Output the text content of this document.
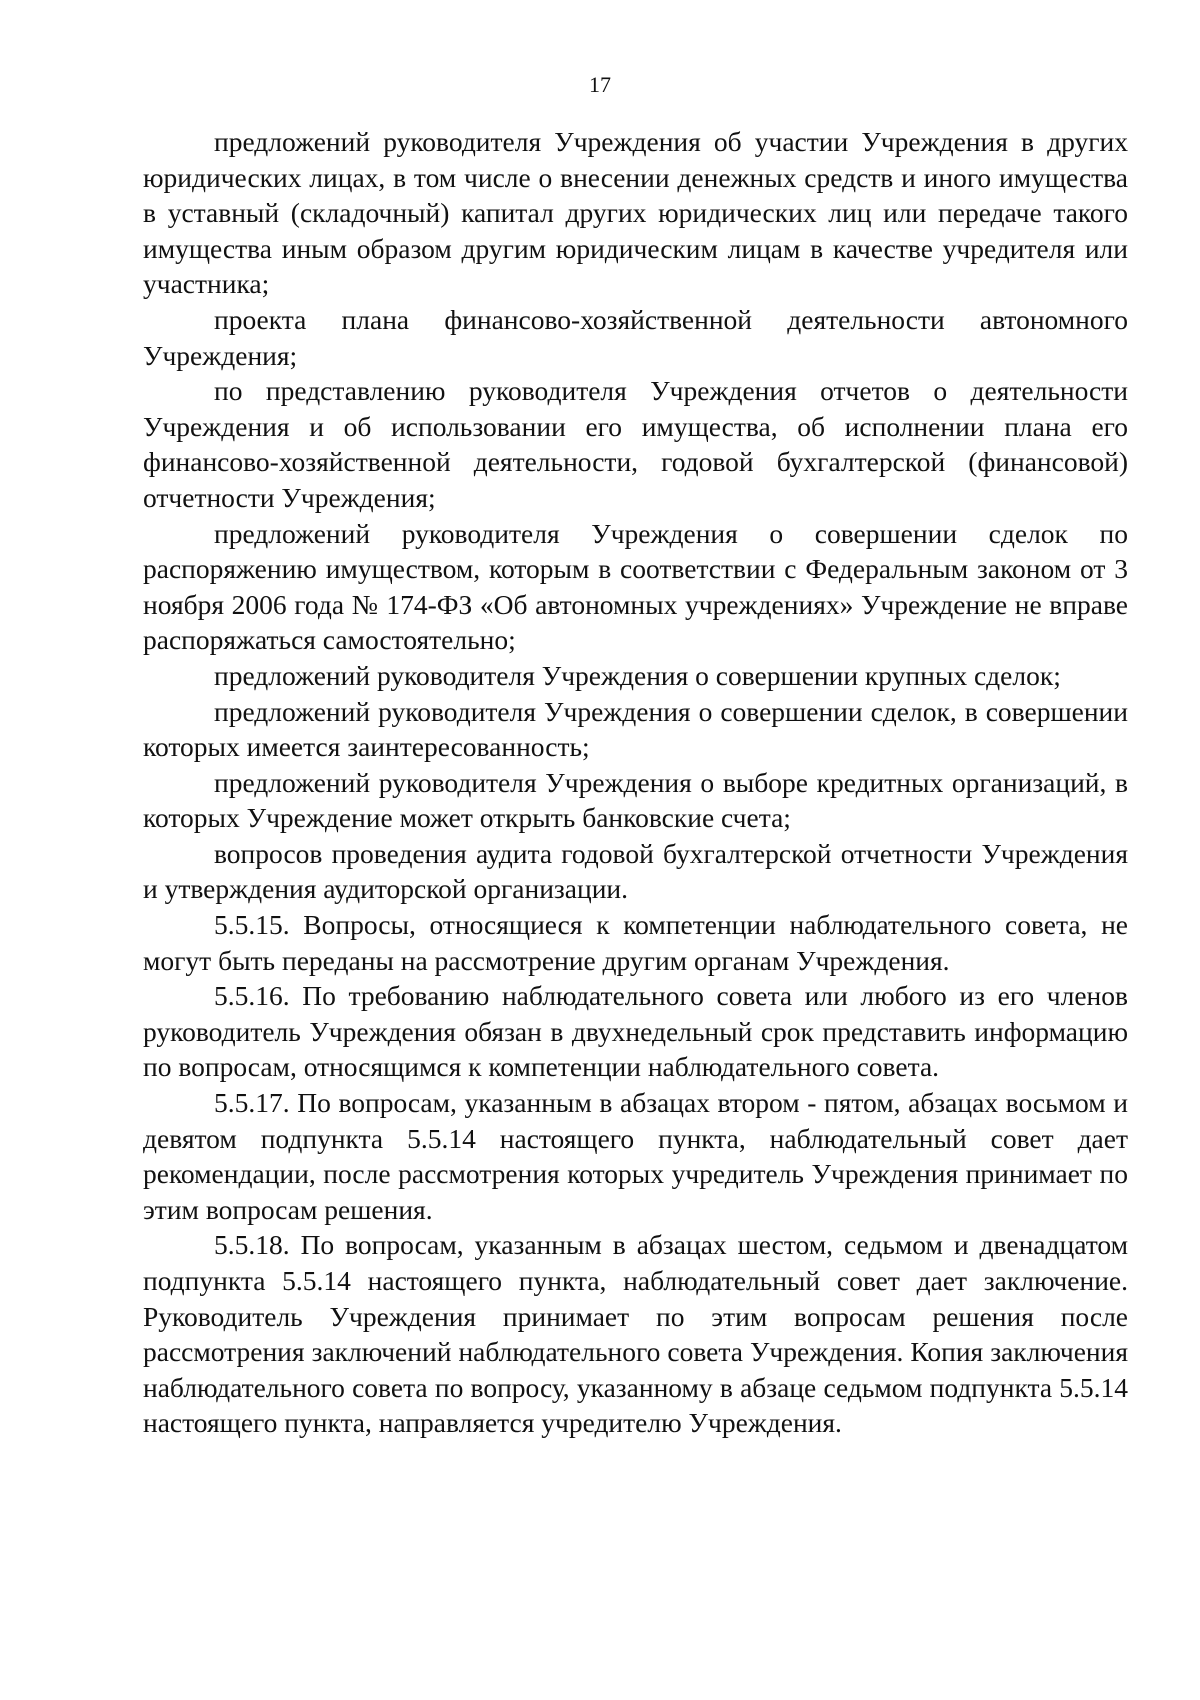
17

предложений руководителя Учреждения об участии Учреждения в других юридических лицах, в том числе о внесении денежных средств и иного имущества в уставный (складочный) капитал других юридических лиц или передаче такого имущества иным образом другим юридическим лицам в качестве учредителя или участника;

проекта плана финансово-хозяйственной деятельности автономного Учреждения;

по представлению руководителя Учреждения отчетов о деятельности Учреждения и об использовании его имущества, об исполнении плана его финансово-хозяйственной деятельности, годовой бухгалтерской (финансовой) отчетности Учреждения;

предложений руководителя Учреждения о совершении сделок по распоряжению имуществом, которым в соответствии с Федеральным законом от 3 ноября 2006 года № 174-ФЗ «Об автономных учреждениях» Учреждение не вправе распоряжаться самостоятельно;

предложений руководителя Учреждения о совершении крупных сделок;

предложений руководителя Учреждения о совершении сделок, в совершении которых имеется заинтересованность;

предложений руководителя Учреждения о выборе кредитных организаций, в которых Учреждение может открыть банковские счета;

вопросов проведения аудита годовой бухгалтерской отчетности Учреждения и утверждения аудиторской организации.

5.5.15. Вопросы, относящиеся к компетенции наблюдательного совета, не могут быть переданы на рассмотрение другим органам Учреждения.

5.5.16. По требованию наблюдательного совета или любого из его членов руководитель Учреждения обязан в двухнедельный срок представить информацию по вопросам, относящимся к компетенции наблюдательного совета.

5.5.17. По вопросам, указанным в абзацах втором - пятом, абзацах восьмом и девятом подпункта 5.5.14 настоящего пункта, наблюдательный совет дает рекомендации, после рассмотрения которых учредитель Учреждения принимает по этим вопросам решения.

5.5.18. По вопросам, указанным в абзацах шестом, седьмом и двенадцатом подпункта 5.5.14 настоящего пункта, наблюдательный совет дает заключение. Руководитель Учреждения принимает по этим вопросам решения после рассмотрения заключений наблюдательного совета Учреждения. Копия заключения наблюдательного совета по вопросу, указанному в абзаце седьмом подпункта 5.5.14 настоящего пункта, направляется учредителю Учреждения.
